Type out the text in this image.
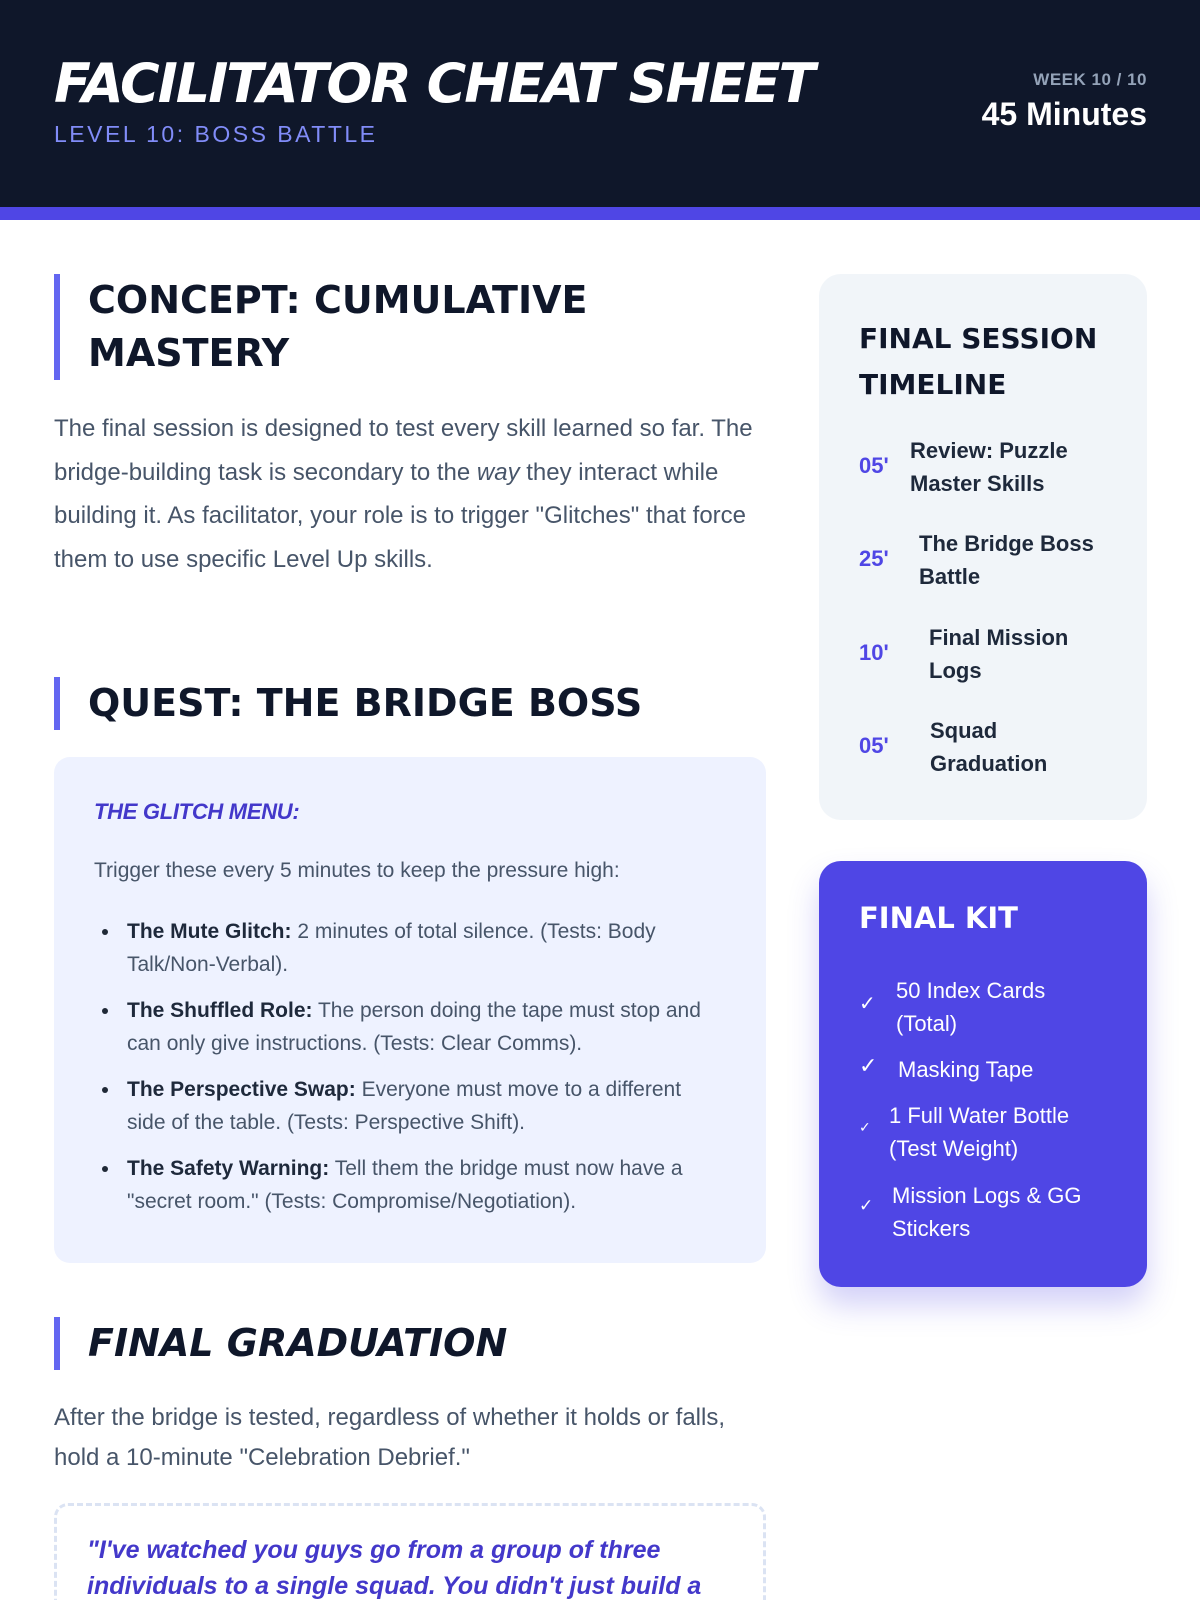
FACILITATOR CHEAT SHEET
LEVEL 10: BOSS BATTLE
WEEK 10 / 10
45 Minutes
CONCEPT: CUMULATIVE MASTERY
The final session is designed to test every skill learned so far. The bridge-building task is secondary to the way they interact while building it. As facilitator, your role is to trigger "Glitches" that force them to use specific Level Up skills.
QUEST: THE BRIDGE BOSS
THE GLITCH MENU:
Trigger these every 5 minutes to keep the pressure high:
The Mute Glitch: 2 minutes of total silence. (Tests: Body Talk/Non-Verbal).
The Shuffled Role: The person doing the tape must stop and can only give instructions. (Tests: Clear Comms).
The Perspective Swap: Everyone must move to a different side of the table. (Tests: Perspective Shift).
The Safety Warning: Tell them the bridge must now have a "secret room." (Tests: Compromise/Negotiation).
FINAL GRADUATION
After the bridge is tested, regardless of whether it holds or falls, hold a 10-minute "Celebration Debrief."
"I've watched you guys go from a group of three individuals to a single squad. You didn't just build a
FINAL SESSION TIMELINE
05'
Review: Puzzle Master Skills
25'
The Bridge Boss Battle
10'
Final Mission Logs
05'
Squad Graduation
FINAL KIT
✓
50 Index Cards (Total)
✓ Masking Tape
✓ 1 Full Water Bottle (Test Weight)
✓ Mission Logs & GG Stickers
